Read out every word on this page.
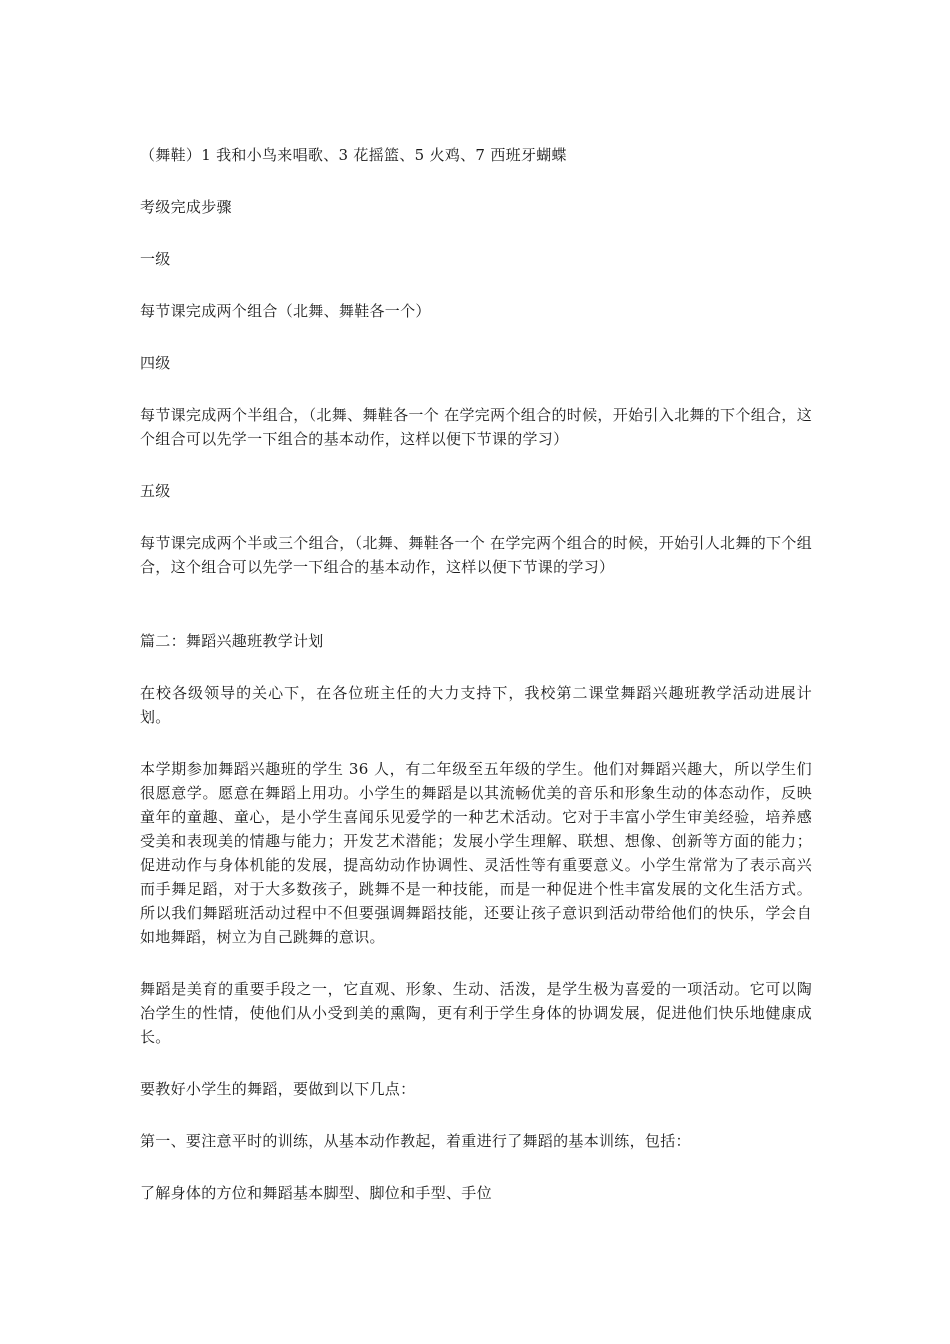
（舞鞋）1 我和小鸟来唱歌、3 花摇篮、5 火鸡、7 西班牙蝴蝶

考级完成步骤

一级

每节课完成两个组合（北舞、舞鞋各一个）

四级

每节课完成两个半组合，（北舞、舞鞋各一个 在学完两个组合的时候，开始引入北舞的下个组合，这个组合可以先学一下组合的基本动作，这样以便下节课的学习）

五级

每节课完成两个半或三个组合，（北舞、舞鞋各一个 在学完两个组合的时候，开始引人北舞的下个组合，这个组合可以先学一下组合的基本动作，这样以便下节课的学习）

篇二：舞蹈兴趣班教学计划

在校各级领导的关心下，在各位班主任的大力支持下，我校第二课堂舞蹈兴趣班教学活动进展计划。

本学期参加舞蹈兴趣班的学生 36 人，有二年级至五年级的学生。他们对舞蹈兴趣大，所以学生们很愿意学。愿意在舞蹈上用功。小学生的舞蹈是以其流畅优美的音乐和形象生动的体态动作，反映童年的童趣、童心，是小学生喜闻乐见爱学的一种艺术活动。它对于丰富小学生审美经验，培养感受美和表现美的情趣与能力；开发艺术潜能；发展小学生理解、联想、想像、创新等方面的能力；促进动作与身体机能的发展，提高幼动作协调性、灵活性等有重要意义。小学生常常为了表示高兴而手舞足蹈，对于大多数孩子，跳舞不是一种技能，而是一种促进个性丰富发展的文化生活方式。所以我们舞蹈班活动过程中不但要强调舞蹈技能，还要让孩子意识到活动带给他们的快乐，学会自如地舞蹈，树立为自己跳舞的意识。

舞蹈是美育的重要手段之一，它直观、形象、生动、活泼，是学生极为喜爱的一项活动。它可以陶冶学生的性情，使他们从小受到美的熏陶，更有利于学生身体的协调发展，促进他们快乐地健康成长。

要教好小学生的舞蹈，要做到以下几点：

第一、要注意平时的训练，从基本动作教起，着重进行了舞蹈的基本训练，包括：

了解身体的方位和舞蹈基本脚型、脚位和手型、手位
